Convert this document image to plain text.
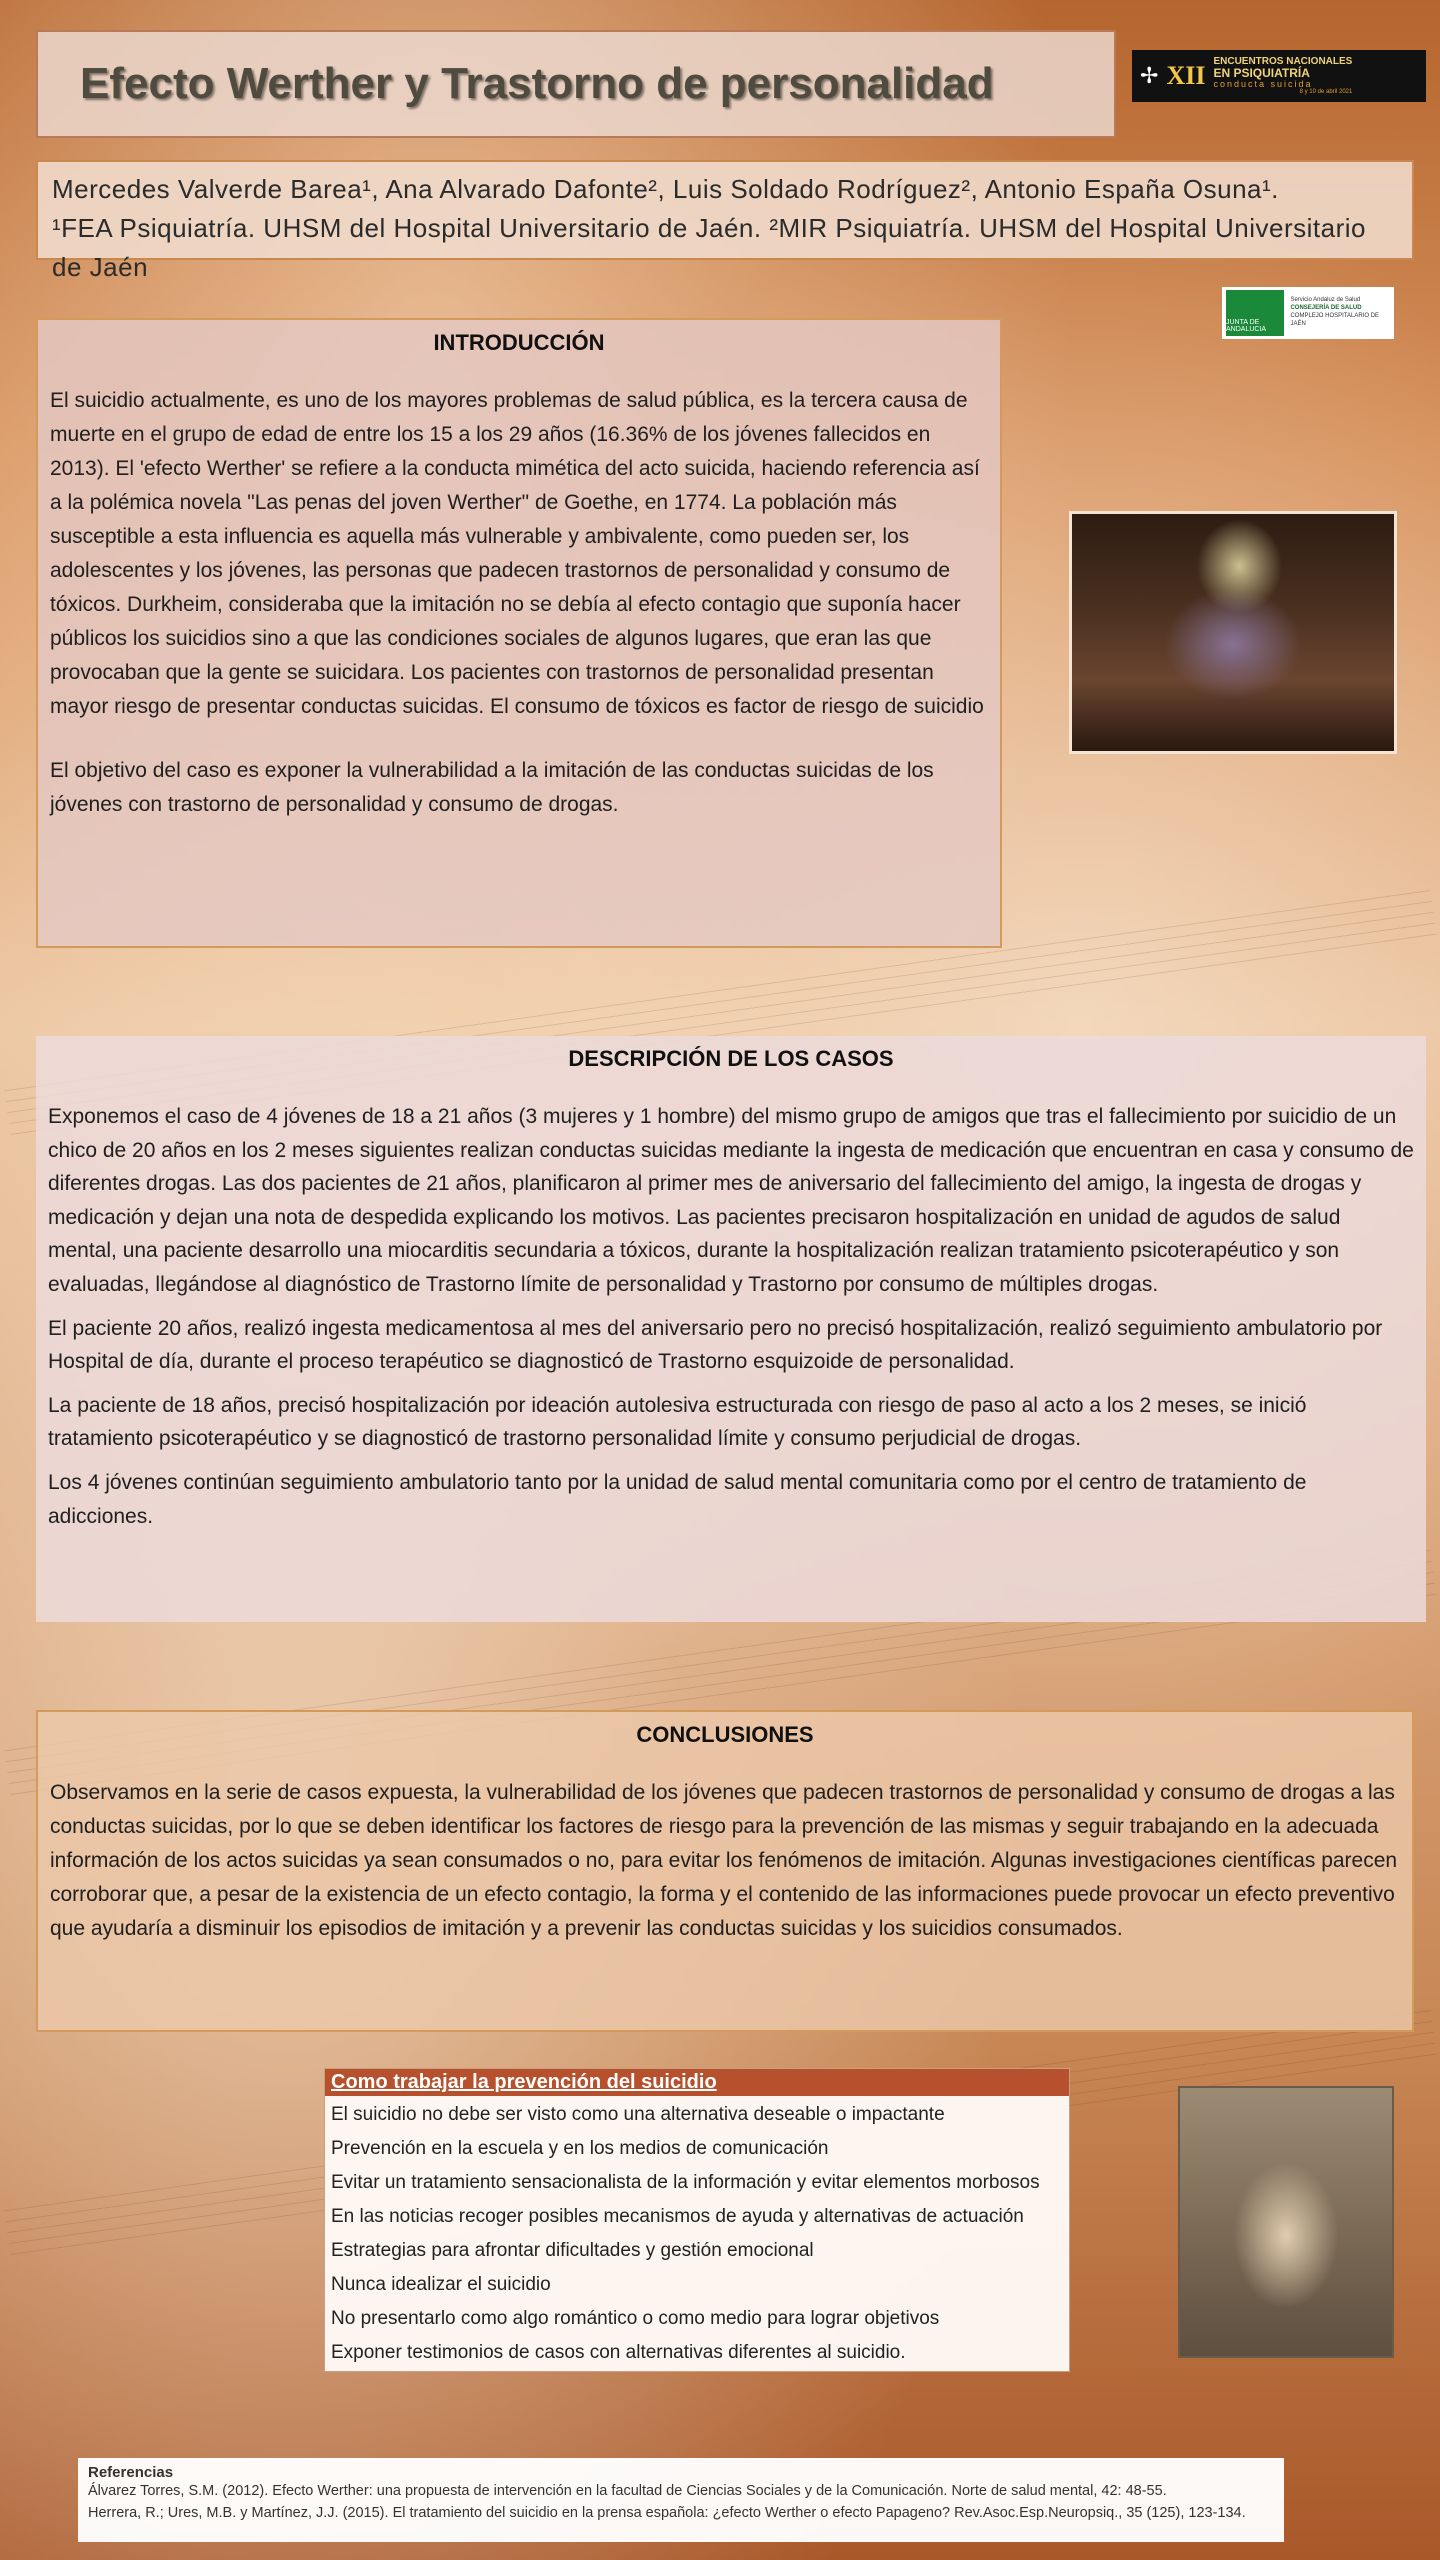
Efecto Werther y Trastorno de personalidad	✢ XII ENCUENTROS NACIONALES
EN PSIQUIATRÍA
conducta suicida
8 y 10 de abril 2021
Mercedes Valverde Barea¹, Ana Alvarado Dafonte², Luis Soldado Rodríguez², Antonio España Osuna¹.
¹FEA Psiquiatría. UHSM del Hospital Universitario de Jaén. ²MIR Psiquiatría. UHSM del Hospital Universitario de Jaén
JUNTA DE ANDALUCIA
Servicio Andaluz de Salud
CONSEJERÍA DE SALUD
COMPLEJO HOSPITALARIO DE JAÉN
INTRODUCCIÓN

El suicidio actualmente, es uno de los mayores problemas de salud pública, es la tercera causa de muerte en el grupo de edad de entre los 15 a los 29 años (16.36% de los jóvenes fallecidos en 2013). El 'efecto Werther' se refiere a la conducta mimética del acto suicida, haciendo referencia así a la polémica novela "Las penas del joven Werther" de Goethe, en 1774. La población más susceptible a esta influencia es aquella más vulnerable y ambivalente, como pueden ser, los adolescentes y los jóvenes, las personas que padecen trastornos de personalidad y consumo de tóxicos. Durkheim, consideraba que la imitación no se debía al efecto contagio que suponía hacer públicos los suicidios sino a que las condiciones sociales de algunos lugares, que eran las que provocaban que la gente se suicidara. Los pacientes con trastornos de personalidad presentan mayor riesgo de presentar conductas suicidas. El consumo de tóxicos es factor de riesgo de suicidio

El objetivo del caso es exponer la vulnerabilidad a la imitación de las conductas suicidas de los jóvenes con trastorno de personalidad y consumo de drogas.

DESCRIPCIÓN DE LOS CASOS

Exponemos el caso de 4 jóvenes de 18 a 21 años (3 mujeres y 1 hombre) del mismo grupo de amigos que tras el fallecimiento por suicidio de un chico de 20 años en los 2 meses siguientes realizan conductas suicidas mediante la ingesta de medicación que encuentran en casa y consumo de diferentes drogas. Las dos pacientes de 21 años, planificaron al primer mes de aniversario del fallecimiento del amigo, la ingesta de drogas y medicación y dejan una nota de despedida explicando los motivos. Las pacientes precisaron hospitalización en unidad de agudos de salud mental, una paciente desarrollo una miocarditis secundaria a tóxicos, durante la hospitalización realizan tratamiento psicoterapéutico y son evaluadas, llegándose al diagnóstico de Trastorno límite de personalidad y Trastorno por consumo de múltiples drogas.

El paciente 20 años, realizó ingesta medicamentosa al mes del aniversario pero no precisó hospitalización, realizó seguimiento ambulatorio por Hospital de día, durante el proceso terapéutico se diagnosticó de Trastorno esquizoide de personalidad.

La paciente de 18 años, precisó hospitalización por ideación autolesiva estructurada con riesgo de paso al acto a los 2 meses, se inició tratamiento psicoterapéutico y se diagnosticó de trastorno personalidad límite y consumo perjudicial de drogas.

Los 4 jóvenes continúan seguimiento ambulatorio tanto por la unidad de salud mental comunitaria como por el centro de tratamiento de adicciones.

CONCLUSIONES

Observamos en la serie de casos expuesta, la vulnerabilidad de los jóvenes que padecen trastornos de personalidad y consumo de drogas a las conductas suicidas, por lo que se deben identificar los factores de riesgo para la prevención de las mismas y seguir trabajando en la adecuada información de los actos suicidas ya sean consumados o no, para evitar los fenómenos de imitación. Algunas investigaciones científicas parecen corroborar que, a pesar de la existencia de un efecto contagio, la forma y el contenido de las informaciones puede provocar un efecto preventivo que ayudaría a disminuir los episodios de imitación y a prevenir las conductas suicidas y los suicidios consumados.

Como trabajar la prevención del suicidio
El suicidio no debe ser visto como una alternativa deseable o impactante
Prevención en la escuela y en los medios de comunicación
Evitar un tratamiento sensacionalista de la información y evitar elementos morbosos
En las noticias recoger posibles mecanismos de ayuda y alternativas de actuación
Estrategias para afrontar dificultades y gestión emocional
Nunca idealizar el suicidio
No presentarlo como algo romántico o como medio para lograr objetivos
Exponer testimonios de casos con alternativas diferentes al suicidio.
Referencias
Álvarez Torres, S.M. (2012). Efecto Werther: una propuesta de intervención en la facultad de Ciencias Sociales y de la Comunicación. Norte de salud mental, 42: 48-55.
Herrera, R.; Ures, M.B. y Martínez, J.J. (2015). El tratamiento del suicidio en la prensa española: ¿efecto Werther o efecto Papageno? Rev.Asoc.Esp.Neuropsiq., 35 (125), 123-134.
